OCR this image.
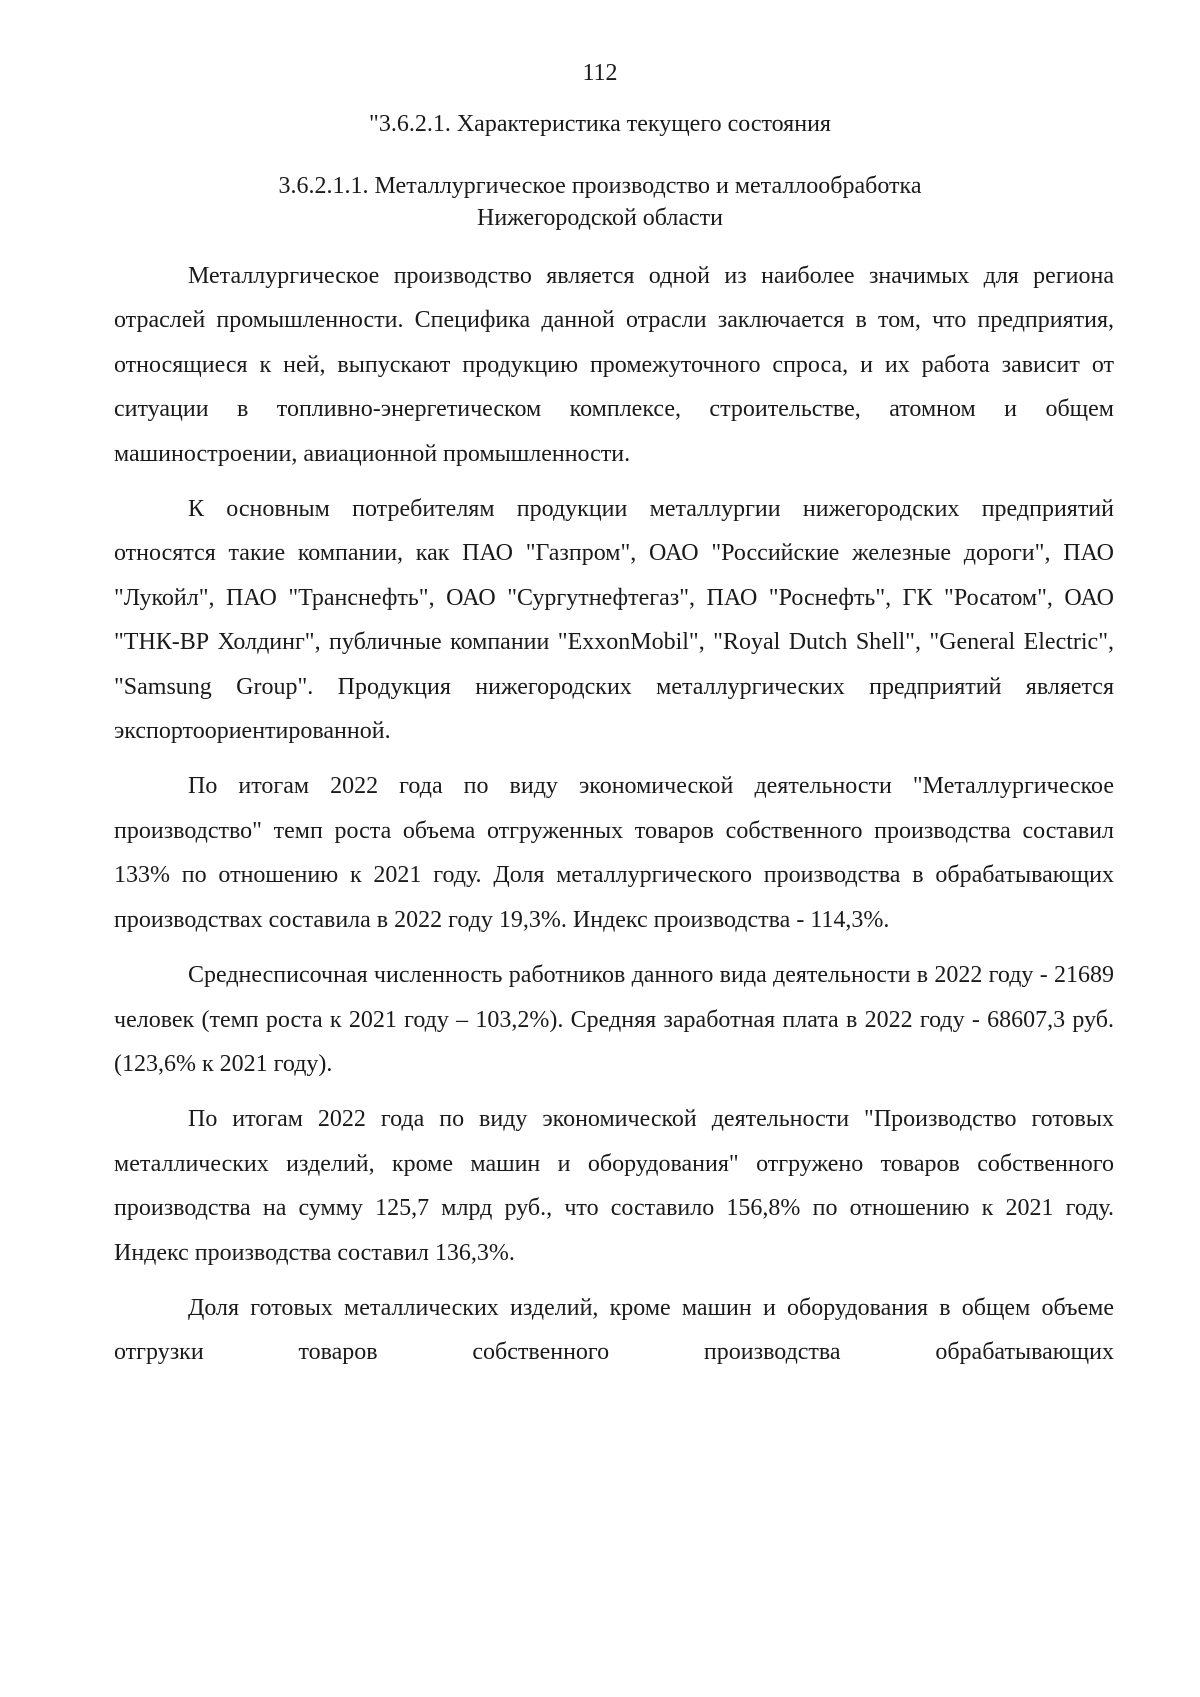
112
"3.6.2.1. Характеристика текущего состояния
3.6.2.1.1. Металлургическое производство и металлообработка
Нижегородской области

Металлургическое производство является одной из наиболее значимых для региона отраслей промышленности. Специфика данной отрасли заключается в том, что предприятия, относящиеся к ней, выпускают продукцию промежуточного спроса, и их работа зависит от ситуации в топливно-энергетическом комплексе, строительстве, атомном и общем машиностроении, авиационной промышленности.

К основным потребителям продукции металлургии нижегородских предприятий относятся такие компании, как ПАО "Газпром", ОАО "Российские железные дороги", ПАО "Лукойл", ПАО "Транснефть", ОАО "Сургутнефтегаз", ПАО "Роснефть", ГК "Росатом", ОАО "ТНК-ВР Холдинг", публичные компании "ExxonMobil", "Royal Dutch Shell", "General Electric", "Samsung Group". Продукция нижегородских металлургических предприятий является экспортоориентированной.

По итогам 2022 года по виду экономической деятельности "Металлургическое производство" темп роста объема отгруженных товаров собственного производства составил 133% по отношению к 2021 году. Доля металлургического производства в обрабатывающих производствах составила в 2022 году 19,3%. Индекс производства - 114,3%.

Среднесписочная численность работников данного вида деятельности в 2022 году - 21689 человек (темп роста к 2021 году – 103,2%). Средняя заработная плата в 2022 году - 68607,3 руб. (123,6% к 2021 году).

По итогам 2022 года по виду экономической деятельности "Производство готовых металлических изделий, кроме машин и оборудования" отгружено товаров собственного производства на сумму 125,7 млрд руб., что составило 156,8% по отношению к 2021 году. Индекс производства составил 136,3%.

Доля готовых металлических изделий, кроме машин и оборудования в общем объеме отгрузки товаров собственного производства обрабатывающих
